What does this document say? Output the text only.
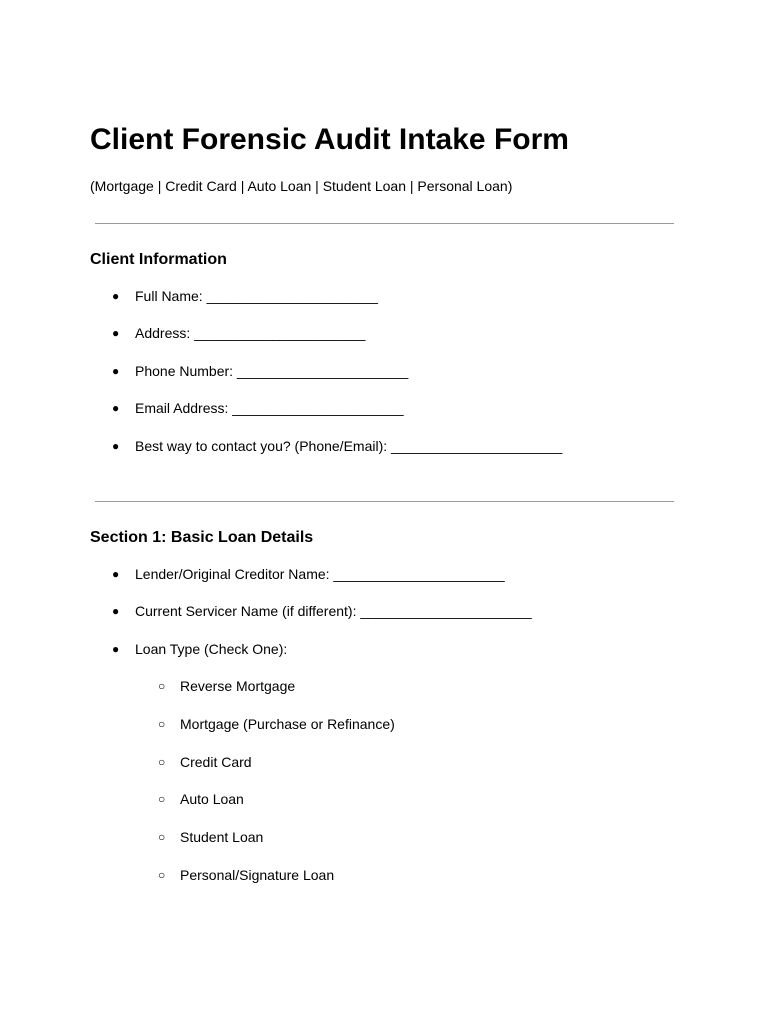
Client Forensic Audit Intake Form

(Mortgage | Credit Card | Auto Loan | Student Loan | Personal Loan)

Client Information
● Full Name: ______________________
● Address: ______________________
● Phone Number: ______________________
● Email Address: ______________________
● Best way to contact you? (Phone/Email): ______________________
Section 1: Basic Loan Details
● Lender/Original Creditor Name: ______________________
● Current Servicer Name (if different): ______________________
● Loan Type (Check One):
○ Reverse Mortgage
○ Mortgage (Purchase or Refinance)
○ Credit Card
○ Auto Loan
○ Student Loan
○ Personal/Signature Loan
